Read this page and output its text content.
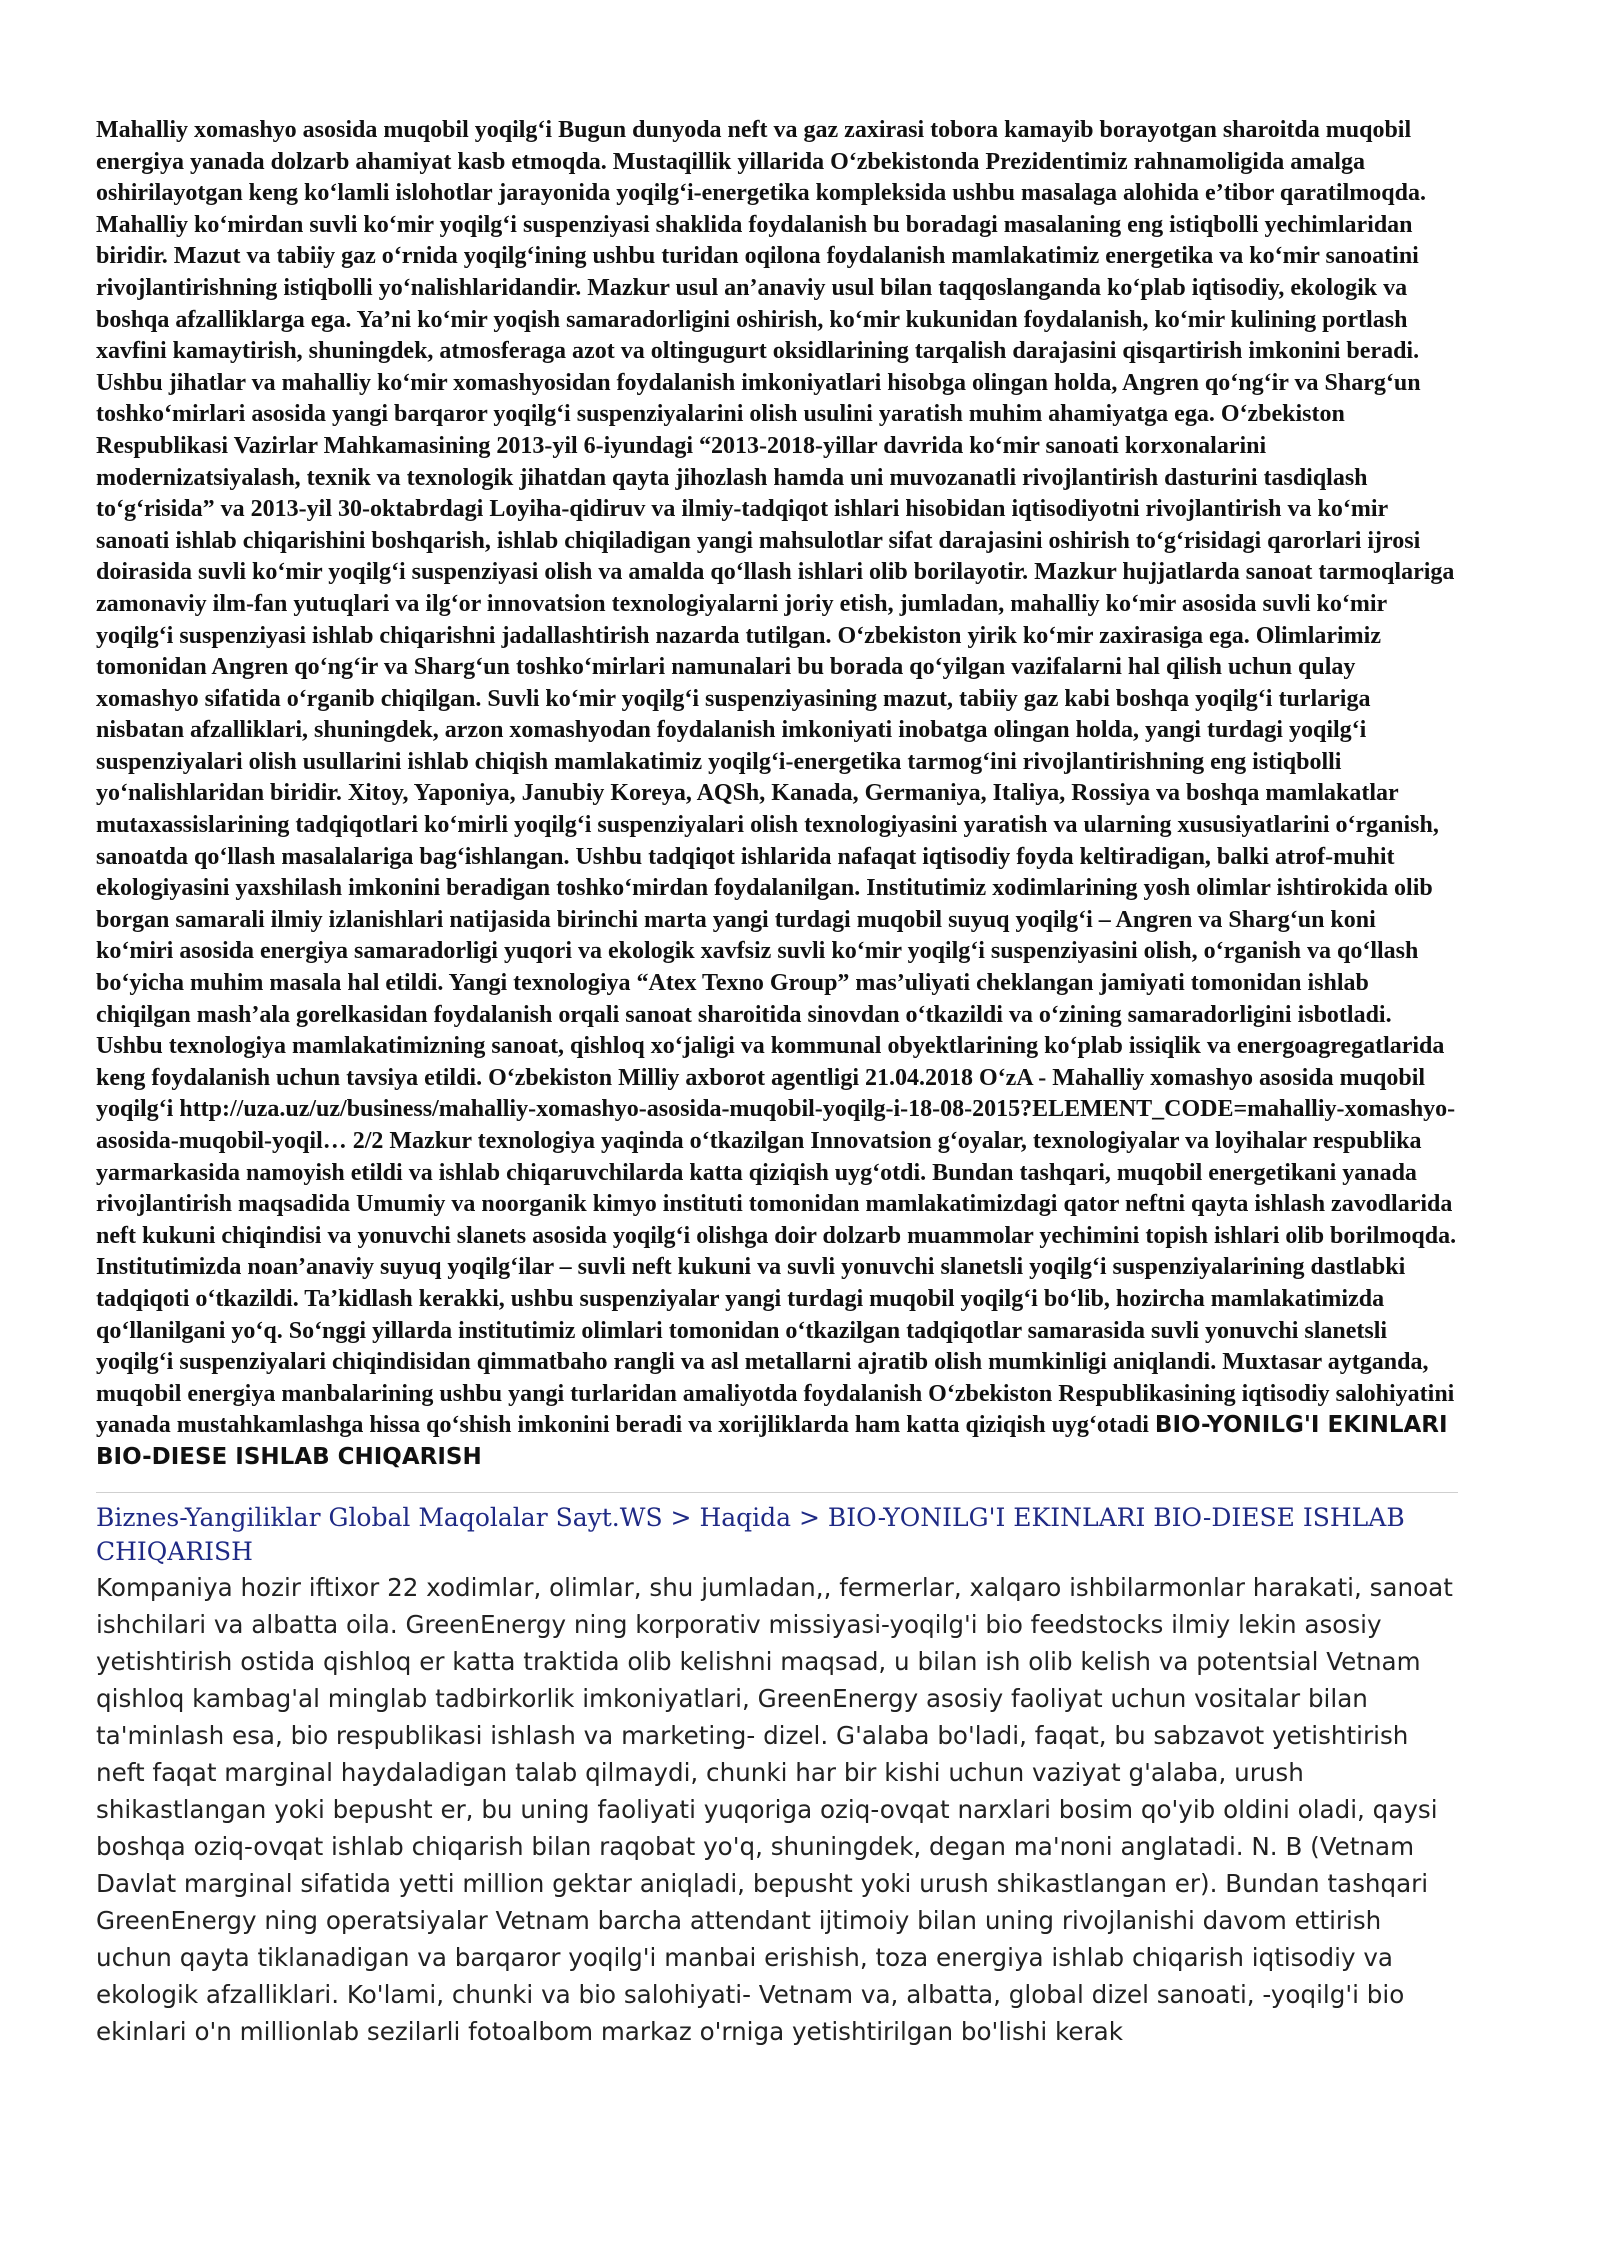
Mahalliy xomashyo asosida muqobil yoqilg‘i Bugun dunyoda neft va gaz zaxirasi tobora kamayib borayotgan sharoitda muqobil energiya yanada dolzarb ahamiyat kasb etmoqda. Mustaqillik yillarida O‘zbekistonda Prezidentimiz rahnamoligida amalga oshirilayotgan keng ko‘lamli islohotlar jarayonida yoqilg‘i-energetika kompleksida ushbu masalaga alohida e’tibor qaratilmoqda. Mahalliy ko‘mirdan suvli ko‘mir yoqilg‘i suspenziyasi shaklida foydalanish bu boradagi masalaning eng istiqbolli yechimlaridan biridir. Mazut va tabiiy gaz o‘rnida yoqilg‘ining ushbu turidan oqilona foydalanish mamlakatimiz energetika va ko‘mir sanoatini rivojlantirishning istiqbolli yo‘nalishlaridandir. Mazkur usul an’anaviy usul bilan taqqoslanganda ko‘plab iqtisodiy, ekologik va boshqa afzalliklarga ega. Ya’ni ko‘mir yoqish samaradorligini oshirish, ko‘mir kukunidan foydalanish, ko‘mir kulining portlash xavfini kamaytirish, shuningdek, atmosferaga azot va oltingugurt oksidlarining tarqalish darajasini qisqartirish imkonini beradi. Ushbu jihatlar va mahalliy ko‘mir xomashyosidan foydalanish imkoniyatlari hisobga olingan holda, Angren qo‘ng‘ir va Sharg‘un toshko‘mirlari asosida yangi barqaror yoqilg‘i suspenziyalarini olish usulini yaratish muhim ahamiyatga ega. O‘zbekiston Respublikasi Vazirlar Mahkamasining 2013-yil 6-iyundagi “2013-2018-yillar davrida ko‘mir sanoati korxonalarini modernizatsiyalash, texnik va texnologik jihatdan qayta jihozlash hamda uni muvozanatli rivojlantirish dasturini tasdiqlash to‘g‘risida” va 2013-yil 30-oktabrdagi Loyiha-qidiruv va ilmiy-tadqiqot ishlari hisobidan iqtisodiyotni rivojlantirish va ko‘mir sanoati ishlab chiqarishini boshqarish, ishlab chiqiladigan yangi mahsulotlar sifat darajasini oshirish to‘g‘risidagi qarorlari ijrosi doirasida suvli ko‘mir yoqilg‘i suspenziyasi olish va amalda qo‘llash ishlari olib borilayotir. Mazkur hujjatlarda sanoat tarmoqlariga zamonaviy ilm-fan yutuqlari va ilg‘or innovatsion texnologiyalarni joriy etish, jumladan, mahalliy ko‘mir asosida suvli ko‘mir yoqilg‘i suspenziyasi ishlab chiqarishni jadallashtirish nazarda tutilgan. O‘zbekiston yirik ko‘mir zaxirasiga ega. Olimlarimiz tomonidan Angren qo‘ng‘ir va Sharg‘un toshko‘mirlari namunalari bu borada qo‘yilgan vazifalarni hal qilish uchun qulay xomashyo sifatida o‘rganib chiqilgan. Suvli ko‘mir yoqilg‘i suspenziyasining mazut, tabiiy gaz kabi boshqa yoqilg‘i turlariga nisbatan afzalliklari, shuningdek, arzon xomashyodan foydalanish imkoniyati inobatga olingan holda, yangi turdagi yoqilg‘i suspenziyalari olish usullarini ishlab chiqish mamlakatimiz yoqilg‘i-energetika tarmog‘ini rivojlantirishning eng istiqbolli yo‘nalishlaridan biridir. Xitoy, Yaponiya, Janubiy Koreya, AQSh, Kanada, Germaniya, Italiya, Rossiya va boshqa mamlakatlar mutaxassislarining tadqiqotlari ko‘mirli yoqilg‘i suspenziyalari olish texnologiyasini yaratish va ularning xususiyatlarini o‘rganish, sanoatda qo‘llash masalalariga bag‘ishlangan. Ushbu tadqiqot ishlarida nafaqat iqtisodiy foyda keltiradigan, balki atrof-muhit ekologiyasini yaxshilash imkonini beradigan toshko‘mirdan foydalanilgan. Institutimiz xodimlarining yosh olimlar ishtirokida olib borgan samarali ilmiy izlanishlari natijasida birinchi marta yangi turdagi muqobil suyuq yoqilg‘i – Angren va Sharg‘un koni ko‘miri asosida energiya samaradorligi yuqori va ekologik xavfsiz suvli ko‘mir yoqilg‘i suspenziyasini olish, o‘rganish va qo‘llash bo‘yicha muhim masala hal etildi. Yangi texnologiya “Atex Texno Group” mas’uliyati cheklangan jamiyati tomonidan ishlab chiqilgan mash’ala gorelkasidan foydalanish orqali sanoat sharoitida sinovdan o‘tkazildi va o‘zining samaradorligini isbotladi. Ushbu texnologiya mamlakatimizning sanoat, qishloq xo‘jaligi va kommunal obyektlarining ko‘plab issiqlik va energoagregatlarida keng foydalanish uchun tavsiya etildi. O‘zbekiston Milliy axborot agentligi 21.04.2018 O‘zA - Mahalliy xomashyo asosida muqobil yoqilg‘i http://uza.uz/uz/business/mahalliy-xomashyo-asosida-muqobil-yoqilg-i-18-08-2015?ELEMENT_CODE=mahalliy-xomashyo-asosida-muqobil-yoqil… 2/2 Mazkur texnologiya yaqinda o‘tkazilgan Innovatsion g‘oyalar, texnologiyalar va loyihalar respublika yarmarkasida namoyish etildi va ishlab chiqaruvchilarda katta qiziqish uyg‘otdi. Bundan tashqari, muqobil energetikani yanada rivojlantirish maqsadida Umumiy va noorganik kimyo instituti tomonidan mamlakatimizdagi qator neftni qayta ishlash zavodlarida neft kukuni chiqindisi va yonuvchi slanets asosida yoqilg‘i olishga doir dolzarb muammolar yechimini topish ishlari olib borilmoqda. Institutimizda noan’anaviy suyuq yoqilg‘ilar – suvli neft kukuni va suvli yonuvchi slanetsli yoqilg‘i suspenziyalarining dastlabki tadqiqoti o‘tkazildi. Ta’kidlash kerakki, ushbu suspenziyalar yangi turdagi muqobil yoqilg‘i bo‘lib, hozircha mamlakatimizda qo‘llanilgani yo‘q. So‘nggi yillarda institutimiz olimlari tomonidan o‘tkazilgan tadqiqotlar samarasida suvli yonuvchi slanetsli yoqilg‘i suspenziyalari chiqindisidan qimmatbaho rangli va asl metallarni ajratib olish mumkinligi aniqlandi. Muxtasar aytganda, muqobil energiya manbalarining ushbu yangi turlaridan amaliyotda foydalanish O‘zbekiston Respublikasining iqtisodiy salohiyatini yanada mustahkamlashga hissa qo‘shish imkonini beradi va xorijliklarda ham katta qiziqish uyg‘otadi BIO-YONILG'I EKINLARI BIO-DIESE ISHLAB CHIQARISH

Biznes-Yangiliklar Global Maqolalar Sayt.WS > Haqida > BIO-YONILG'I EKINLARI BIO-DIESE ISHLAB CHIQARISH

Kompaniya hozir iftixor 22 xodimlar, olimlar, shu jumladan,, fermerlar, xalqaro ishbilarmonlar harakati, sanoat ishchilari va albatta oila. GreenEnergy ning korporativ missiyasi-yoqilg'i bio feedstocks ilmiy lekin asosiy yetishtirish ostida qishloq er katta traktida olib kelishni maqsad, u bilan ish olib kelish va potentsial Vetnam qishloq kambag'al minglab tadbirkorlik imkoniyatlari, GreenEnergy asosiy faoliyat uchun vositalar bilan ta'minlash esa, bio respublikasi ishlash va marketing- dizel. G'alaba bo'ladi, faqat, bu sabzavot yetishtirish neft faqat marginal haydaladigan talab qilmaydi, chunki har bir kishi uchun vaziyat g'alaba, urush shikastlangan yoki bepusht er, bu uning faoliyati yuqoriga oziq-ovqat narxlari bosim qo'yib oldini oladi, qaysi boshqa oziq-ovqat ishlab chiqarish bilan raqobat yo'q, shuningdek, degan ma'noni anglatadi. N. B (Vetnam Davlat marginal sifatida yetti million gektar aniqladi, bepusht yoki urush shikastlangan er). Bundan tashqari GreenEnergy ning operatsiyalar Vetnam barcha attendant ijtimoiy bilan uning rivojlanishi davom ettirish uchun qayta tiklanadigan va barqaror yoqilg'i manbai erishish, toza energiya ishlab chiqarish iqtisodiy va ekologik afzalliklari. Ko'lami, chunki va bio salohiyati- Vetnam va, albatta, global dizel sanoati, -yoqilg'i bio ekinlari o'n millionlab sezilarli fotoalbom markaz o'rniga yetishtirilgan bo'lishi kerak
